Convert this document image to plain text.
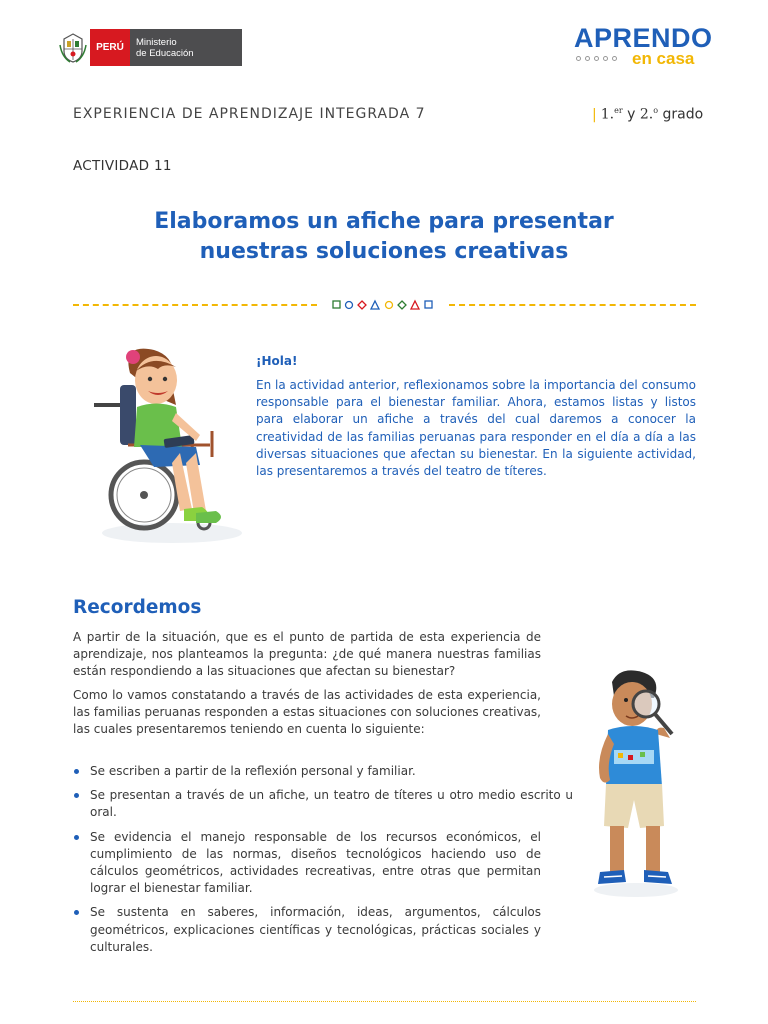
PERÚ	Ministerio
de Educación
APRENDO
en casa
EXPERIENCIA DE APRENDIZAJE INTEGRADA 7	| 1.$^{er}$ y 2.$^o$ grado
ACTIVIDAD 11
Elaboramos un afiche para presentar
nuestras soluciones creativas
¡Hola!

En la actividad anterior, reflexionamos sobre la importancia del consumo responsable para el bienestar familiar. Ahora, estamos listas y listos para elaborar un afiche a través del cual daremos a conocer la creatividad de las familias peruanas para responder en el día a día a las diversas situaciones que afectan su bienestar. En la siguiente actividad, las presentaremos a través del teatro de títeres.

Recordemos

A partir de la situación, que es el punto de partida de esta experiencia de aprendizaje, nos planteamos la pregunta: ¿de qué manera nuestras familias están respondiendo a las situaciones que afectan su bienestar?

Como lo vamos constatando a través de las actividades de esta experiencia, las familias peruanas responden a estas situaciones con soluciones creativas, las cuales presentaremos teniendo en cuenta lo siguiente:

Se escriben a partir de la reflexión personal y familiar.
Se presentan a través de un afiche, un teatro de títeres u otro medio escrito u oral.
Se evidencia el manejo responsable de los recursos económicos, el cumplimiento de las normas, diseños tecnológicos haciendo uso de cálculos geométricos, actividades recreativas, entre otras que permitan lograr el bienestar familiar.
Se sustenta en saberes, información, ideas, argumentos, cálculos geométricos, explicaciones científicas y tecnológicas, prácticas sociales y culturales.
